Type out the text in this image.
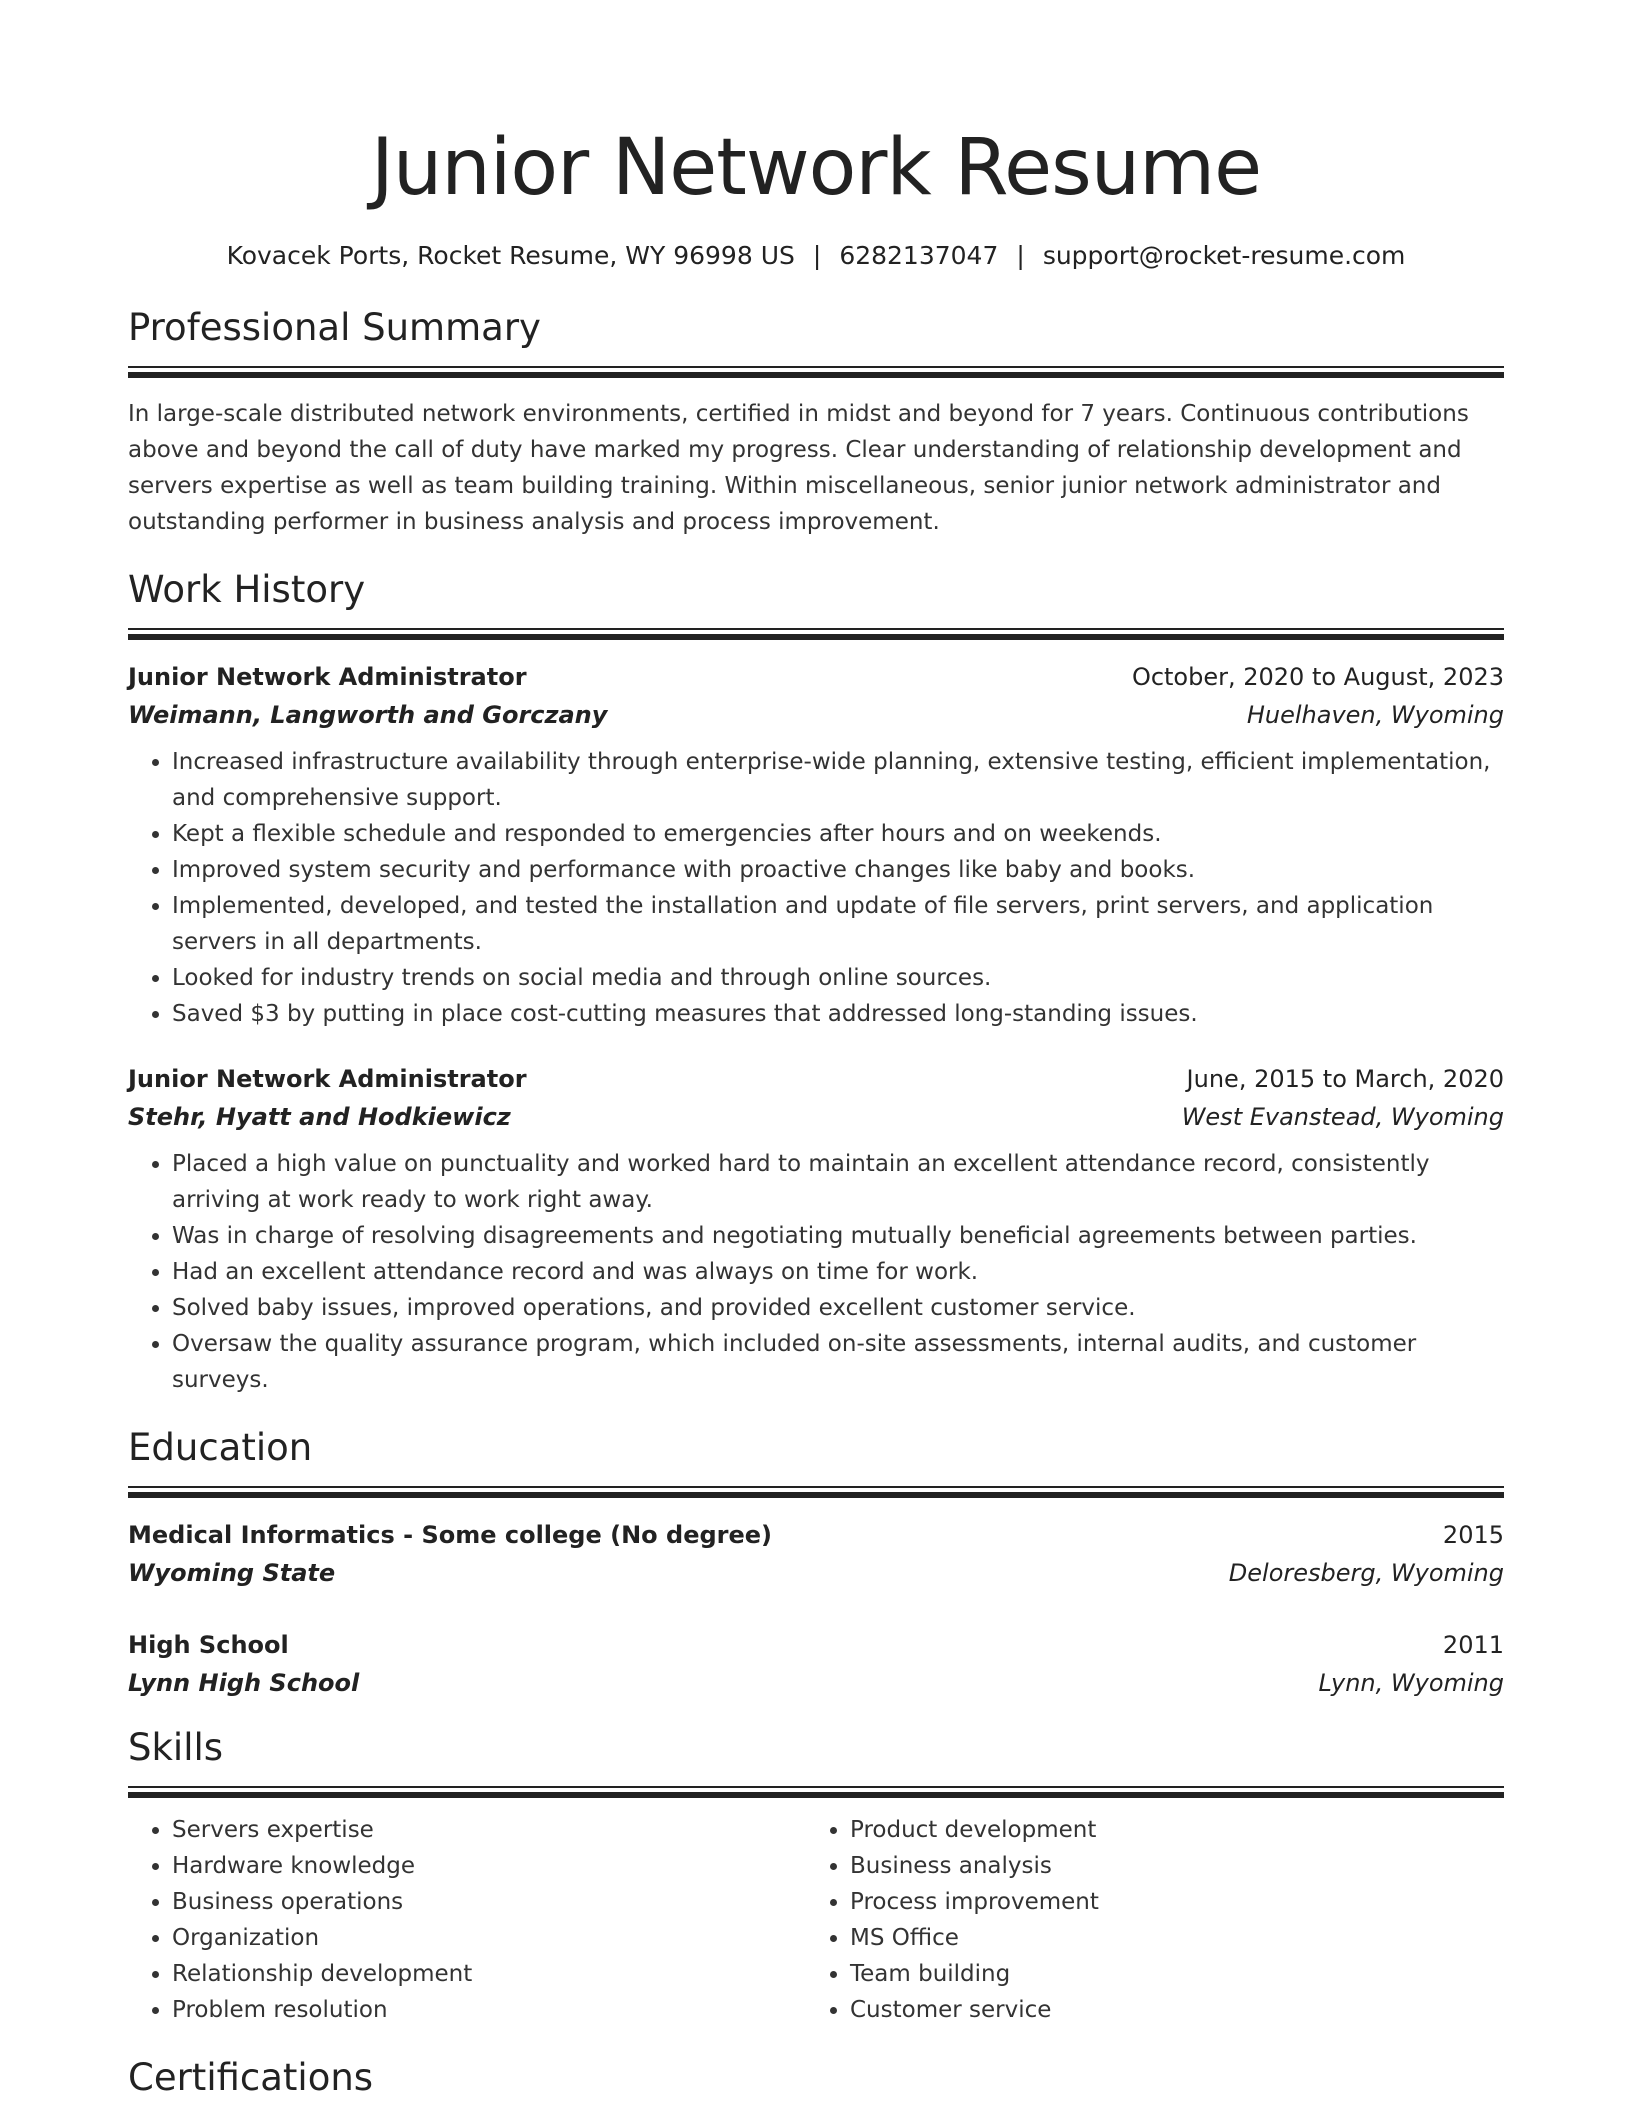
Junior Network Resume
Kovacek Ports, Rocket Resume, WY 96998 US | 6282137047 | support@rocket-resume.com
Professional Summary
In large-scale distributed network environments, certified in midst and beyond for 7 years. Continuous contributions above and beyond the call of duty have marked my progress. Clear understanding of relationship development and servers expertise as well as team building training. Within miscellaneous, senior junior network administrator and outstanding performer in business analysis and process improvement.
Work History
Junior Network Administrator	October, 2020 to August, 2023
Weimann, Langworth and Gorczany	Huelhaven, Wyoming
• Increased infrastructure availability through enterprise-wide planning, extensive testing, efficient implementation, and comprehensive support.
• Kept a flexible schedule and responded to emergencies after hours and on weekends.
• Improved system security and performance with proactive changes like baby and books.
• Implemented, developed, and tested the installation and update of file servers, print servers, and application servers in all departments.
• Looked for industry trends on social media and through online sources.
• Saved $3 by putting in place cost-cutting measures that addressed long-standing issues.
Junior Network Administrator	June, 2015 to March, 2020
Stehr, Hyatt and Hodkiewicz	West Evanstead, Wyoming
• Placed a high value on punctuality and worked hard to maintain an excellent attendance record, consistently arriving at work ready to work right away.
• Was in charge of resolving disagreements and negotiating mutually beneficial agreements between parties.
• Had an excellent attendance record and was always on time for work.
• Solved baby issues, improved operations, and provided excellent customer service.
• Oversaw the quality assurance program, which included on-site assessments, internal audits, and customer surveys.
Education
Medical Informatics - Some college (No degree)	2015
Wyoming State	Deloresberg, Wyoming
High School	2011
Lynn High School	Lynn, Wyoming
Skills
• Servers expertise
• Hardware knowledge
• Business operations
• Organization
• Relationship development
• Problem resolution
• Product development
• Business analysis
• Process improvement
• MS Office
• Team building
• Customer service
Certifications
